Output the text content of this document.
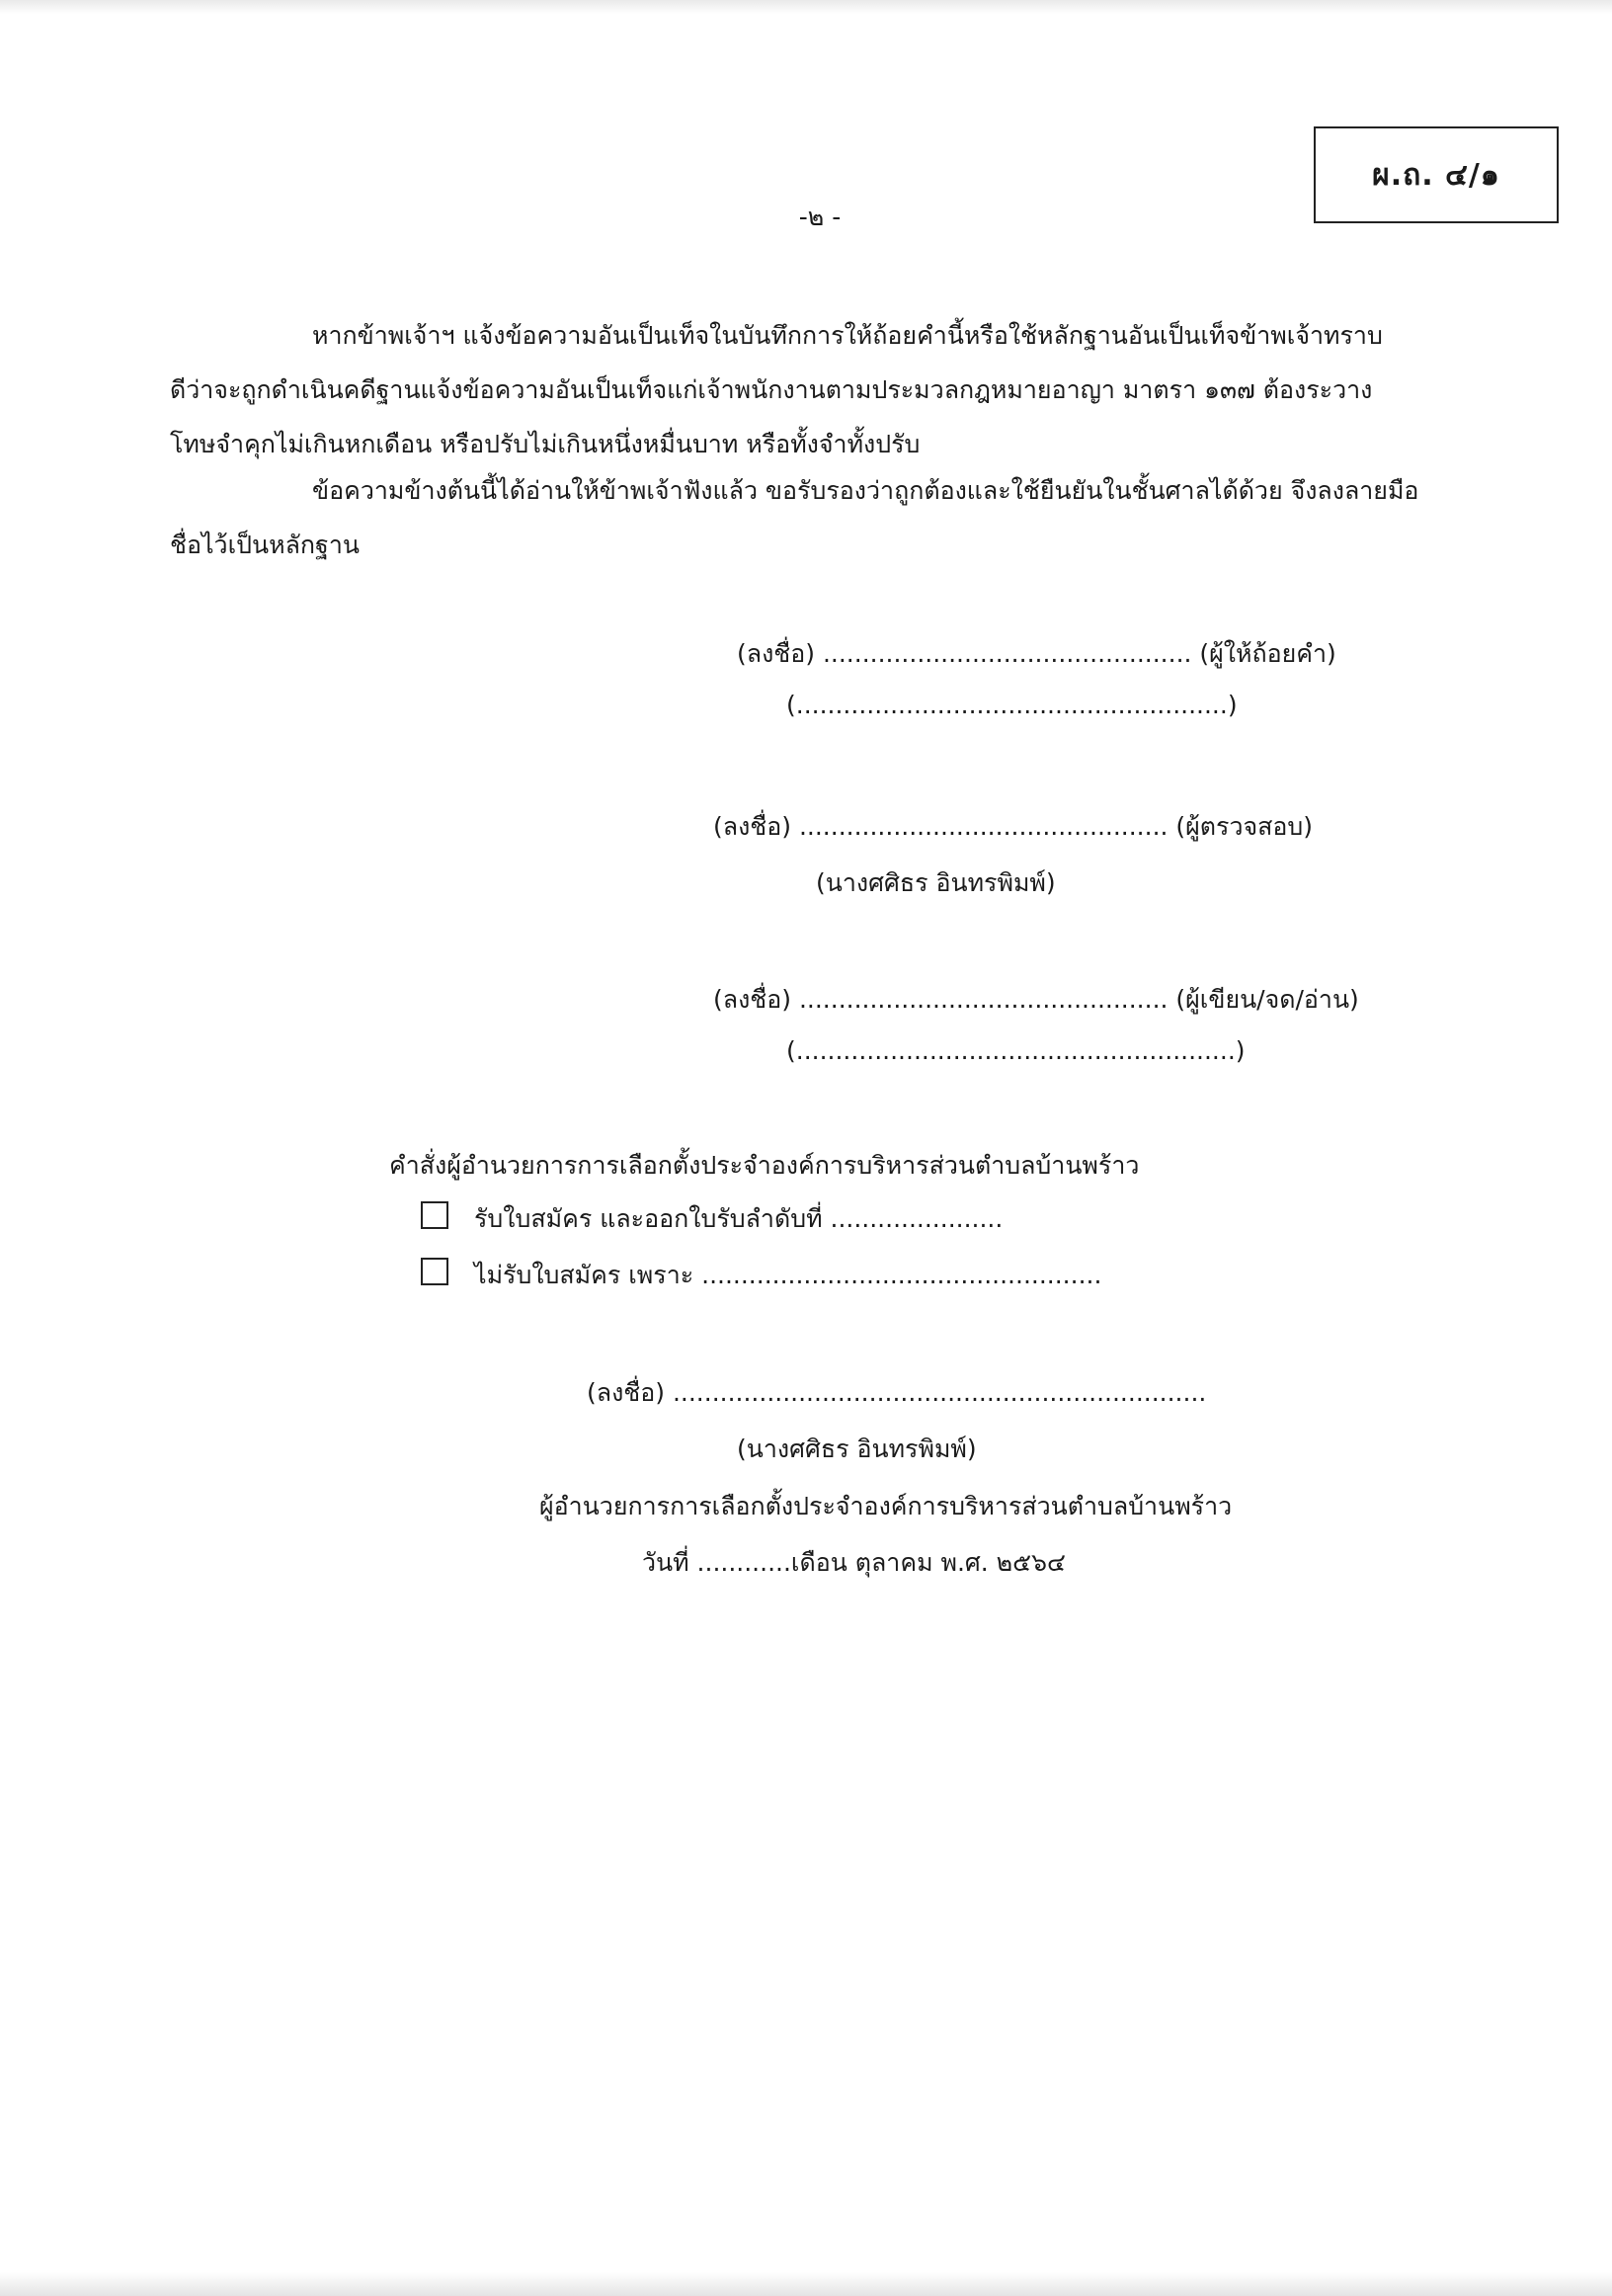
ผ.ถ. ๔/๑
-๒ -
หากข้าพเจ้าฯ แจ้งข้อความอันเป็นเท็จในบันทึกการให้ถ้อยคำนี้หรือใช้หลักฐานอันเป็นเท็จข้าพเจ้าทราบ
ดีว่าจะถูกดำเนินคดีฐานแจ้งข้อความอันเป็นเท็จแก่เจ้าพนักงานตามประมวลกฎหมายอาญา มาตรา ๑๓๗ ต้องระวาง
โทษจำคุกไม่เกินหกเดือน หรือปรับไม่เกินหนึ่งหมื่นบาท หรือทั้งจำทั้งปรับ
ข้อความข้างต้นนี้ได้อ่านให้ข้าพเจ้าฟังแล้ว ขอรับรองว่าถูกต้องและใช้ยืนยันในชั้นศาลได้ด้วย จึงลงลายมือ
ชื่อไว้เป็นหลักฐาน
(ลงชื่อ) ............................................... (ผู้ให้ถ้อยคำ)
(.......................................................)
(ลงชื่อ) ............................................... (ผู้ตรวจสอบ)
(นางศศิธร อินทรพิมพ์)
(ลงชื่อ) ............................................... (ผู้เขียน/จด/อ่าน)
(........................................................)
คำสั่งผู้อำนวยการการเลือกตั้งประจำองค์การบริหารส่วนตำบลบ้านพร้าว
รับใบสมัคร และออกใบรับลำดับที่ ......................
ไม่รับใบสมัคร เพราะ ...................................................
(ลงชื่อ) ....................................................................
(นางศศิธร อินทรพิมพ์)
ผู้อำนวยการการเลือกตั้งประจำองค์การบริหารส่วนตำบลบ้านพร้าว
วันที่ ............เดือน ตุลาคม พ.ศ. ๒๕๖๔
